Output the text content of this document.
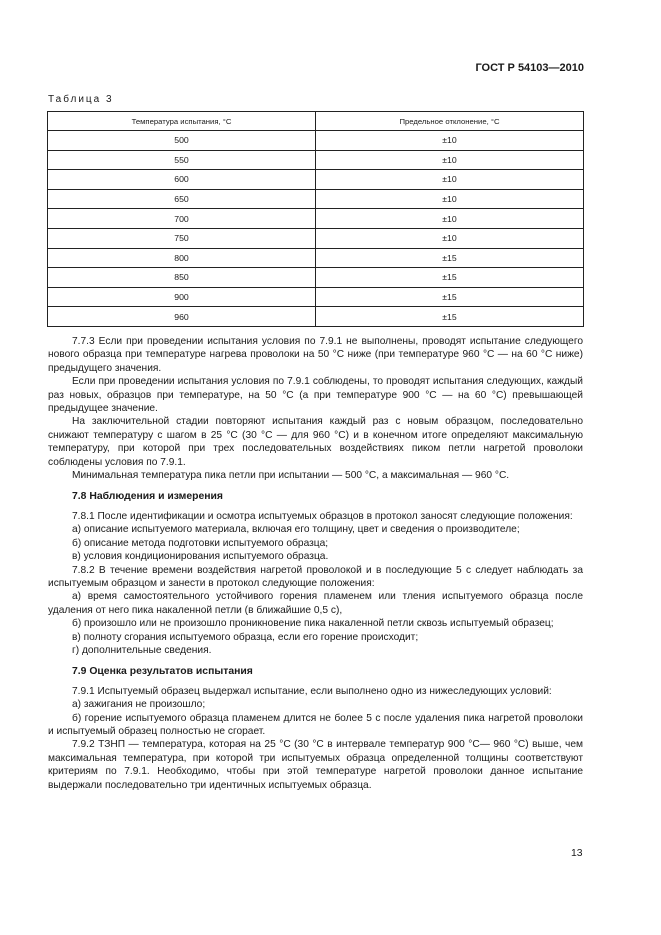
ГОСТ Р 54103—2010
Таблица 3
Температура испытания, °С	Предельное отклонение, °С
500	±10
550	±10
600	±10
650	±10
700	±10
750	±10
800	±15
850	±15
900	±15
960	±15

7.7.3 Если при проведении испытания условия по 7.9.1 не выполнены, проводят испытание следующего нового образца при температуре нагрева проволоки на 50 °С ниже (при температуре 960 °С — на 60 °С ниже) предыдущего значения.

Если при проведении испытания условия по 7.9.1 соблюдены, то проводят испытания следующих, каждый раз новых, образцов при температуре, на 50 °С (а при температуре 900 °С — на 60 °С) превышающей предыдущее значение.

На заключительной стадии повторяют испытания каждый раз с новым образцом, последовательно снижают температуру с шагом в 25 °С (30 °С — для 960 °С) и в конечном итоге определяют максимальную температуру, при которой при трех последовательных воздействиях пиком петли нагретой проволоки соблюдены условия по 7.9.1.

Минимальная температура пика петли при испытании — 500 °С, а максимальная — 960 °С.

7.8 Наблюдения и измерения

7.8.1 После идентификации и осмотра испытуемых образцов в протокол заносят следующие положения:

а) описание испытуемого материала, включая его толщину, цвет и сведения о производителе;

б) описание метода подготовки испытуемого образца;

в) условия кондиционирования испытуемого образца.

7.8.2 В течение времени воздействия нагретой проволокой и в последующие 5 с следует наблюдать за испытуемым образцом и занести в протокол следующие положения:

а) время самостоятельного устойчивого горения пламенем или тления испытуемого образца после удаления от него пика накаленной петли (в ближайшие 0,5 с),

б) произошло или не произошло проникновение пика накаленной петли сквозь испытуемый образец;

в) полноту сгорания испытуемого образца, если его горение происходит;

г) дополнительные сведения.

7.9 Оценка результатов испытания

7.9.1 Испытуемый образец выдержал испытание, если выполнено одно из нижеследующих условий:

а) зажигания не произошло;

б) горение испытуемого образца пламенем длится не более 5 с после удаления пика нагретой проволоки и испытуемый образец полностью не сгорает.

7.9.2 ТЗНП — температура, которая на 25 °С (30 °С в интервале температур 900 °С— 960 °С) выше, чем максимальная температура, при которой три испытуемых образца определенной толщины соответствуют критериям по 7.9.1. Необходимо, чтобы при этой температуре нагретой проволоки данное испытание выдержали последовательно три идентичных испытуемых образца.

13
